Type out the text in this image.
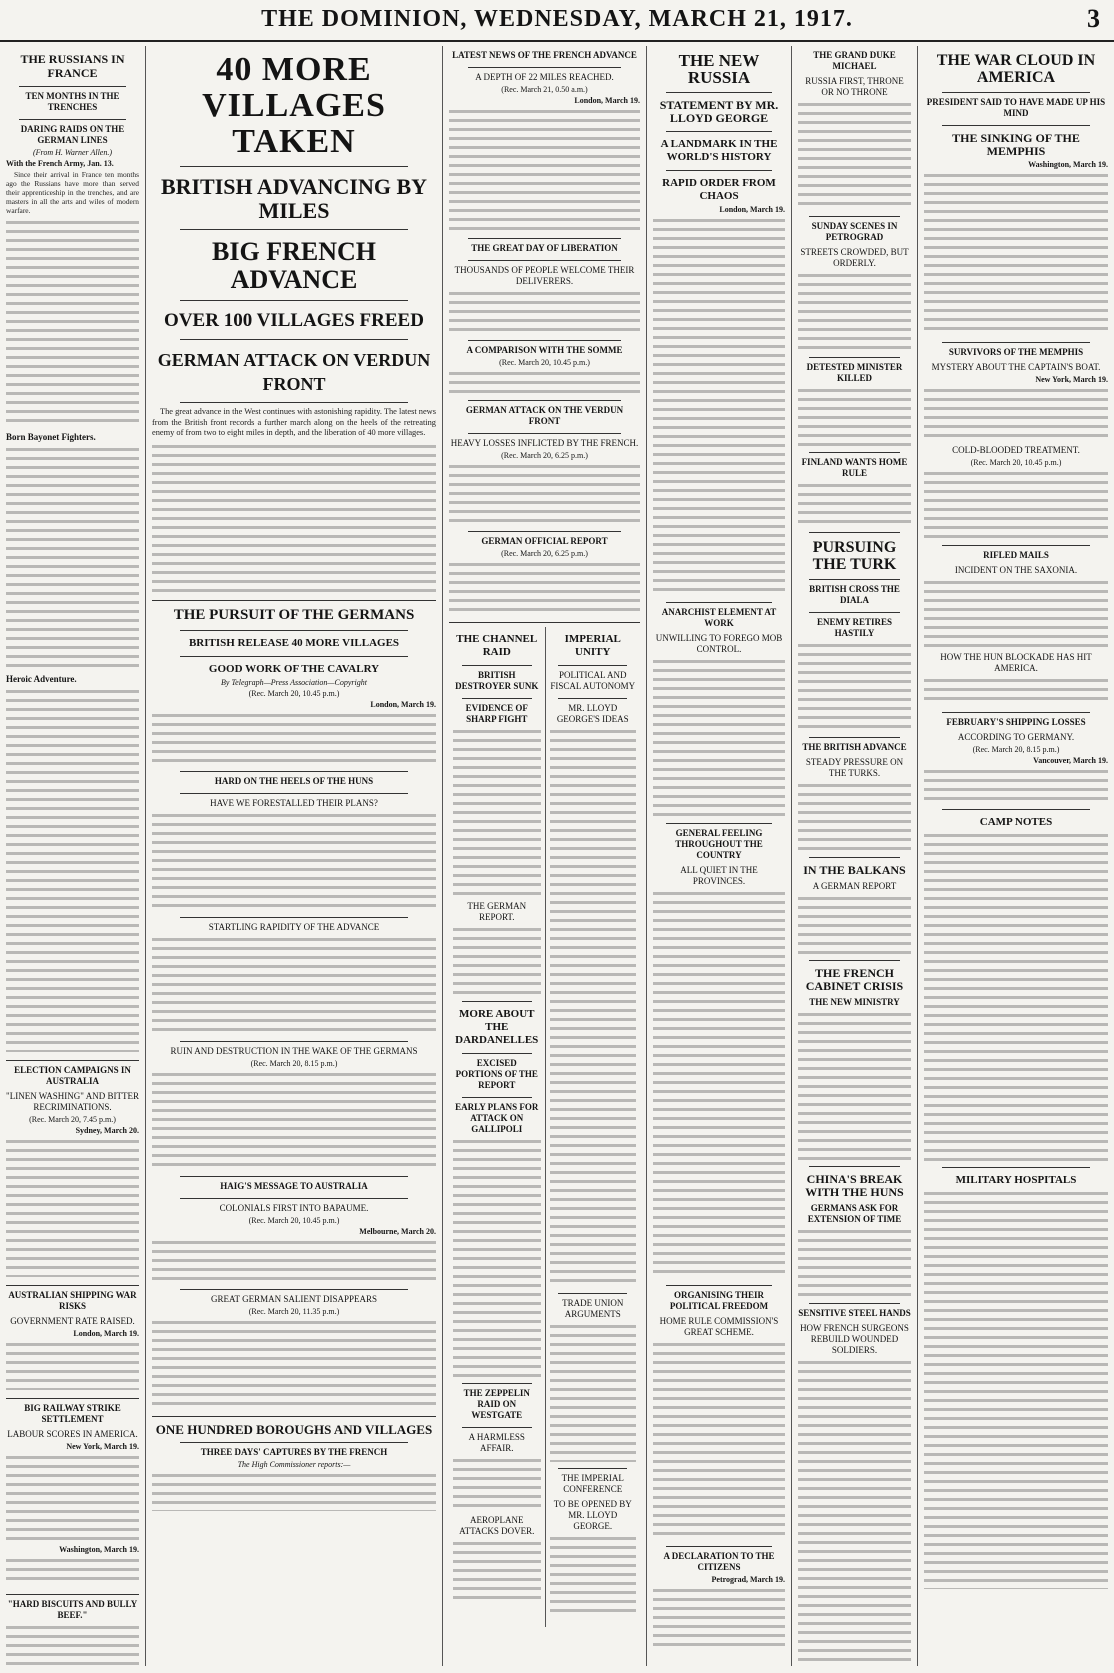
THE DOMINION, WEDNESDAY, MARCH 21, 1917.	3
THE RUSSIANS IN FRANCE
TEN MONTHS IN THE TRENCHES
DARING RAIDS ON THE GERMAN LINES
(From H. Warner Allen.)
With the French Army, Jan. 13.

Since their arrival in France ten months ago the Russians have more than served their apprenticeship in the trenches, and are masters in all the arts and wiles of modern warfare.

Born Bayonet Fighters.
Heroic Adventure.
ELECTION CAMPAIGNS IN AUSTRALIA
"LINEN WASHING" AND BITTER RECRIMINATIONS.
(Rec. March 20, 7.45 p.m.)
Sydney, March 20.
AUSTRALIAN SHIPPING WAR RISKS
GOVERNMENT RATE RAISED.
London, March 19.
BIG RAILWAY STRIKE SETTLEMENT
LABOUR SCORES IN AMERICA.
New York, March 19.
Washington, March 19.
"HARD BISCUITS AND BULLY BEEF."
40 MORE VILLAGES TAKEN
BRITISH ADVANCING BY MILES
BIG FRENCH ADVANCE
OVER 100 VILLAGES FREED
GERMAN ATTACK ON VERDUN FRONT

The great advance in the West continues with astonishing rapidity. The latest news from the British front records a further march along on the heels of the retreating enemy of from two to eight miles in depth, and the liberation of 40 more villages.

THE PURSUIT OF THE GERMANS
BRITISH RELEASE 40 MORE VILLAGES
GOOD WORK OF THE CAVALRY
By Telegraph—Press Association—Copyright
(Rec. March 20, 10.45 p.m.)
London, March 19.
HARD ON THE HEELS OF THE HUNS
HAVE WE FORESTALLED THEIR PLANS?
STARTLING RAPIDITY OF THE ADVANCE
RUIN AND DESTRUCTION IN THE WAKE OF THE GERMANS
(Rec. March 20, 8.15 p.m.)
HAIG'S MESSAGE TO AUSTRALIA
COLONIALS FIRST INTO BAPAUME.
(Rec. March 20, 10.45 p.m.)
Melbourne, March 20.
GREAT GERMAN SALIENT DISAPPEARS
(Rec. March 20, 11.35 p.m.)
ONE HUNDRED BOROUGHS AND VILLAGES
THREE DAYS' CAPTURES BY THE FRENCH
The High Commissioner reports:—
LATEST NEWS OF THE FRENCH ADVANCE
A DEPTH OF 22 MILES REACHED.
(Rec. March 21, 0.50 a.m.)
London, March 19.
THE GREAT DAY OF LIBERATION
THOUSANDS OF PEOPLE WELCOME THEIR DELIVERERS.
A COMPARISON WITH THE SOMME
(Rec. March 20, 10.45 p.m.)
GERMAN ATTACK ON THE VERDUN FRONT
HEAVY LOSSES INFLICTED BY THE FRENCH.
(Rec. March 20, 6.25 p.m.)
GERMAN OFFICIAL REPORT
(Rec. March 20, 6.25 p.m.)
THE CHANNEL RAID
BRITISH DESTROYER SUNK
EVIDENCE OF SHARP FIGHT
THE GERMAN REPORT.
MORE ABOUT THE DARDANELLES
EXCISED PORTIONS OF THE REPORT
EARLY PLANS FOR ATTACK ON GALLIPOLI
THE ZEPPELIN RAID ON WESTGATE
A HARMLESS AFFAIR.
AEROPLANE ATTACKS DOVER.
IMPERIAL UNITY
POLITICAL AND FISCAL AUTONOMY
MR. LLOYD GEORGE'S IDEAS
TRADE UNION ARGUMENTS
THE IMPERIAL CONFERENCE
TO BE OPENED BY MR. LLOYD GEORGE.
THE NEW RUSSIA
STATEMENT BY MR. LLOYD GEORGE
A LANDMARK IN THE WORLD'S HISTORY
RAPID ORDER FROM CHAOS
London, March 19.
ANARCHIST ELEMENT AT WORK
UNWILLING TO FOREGO MOB CONTROL.
GENERAL FEELING THROUGHOUT THE COUNTRY
ALL QUIET IN THE PROVINCES.
ORGANISING THEIR POLITICAL FREEDOM
HOME RULE COMMISSION'S GREAT SCHEME.
A DECLARATION TO THE CITIZENS
Petrograd, March 19.
THE GRAND DUKE MICHAEL
RUSSIA FIRST, THRONE OR NO THRONE
SUNDAY SCENES IN PETROGRAD
STREETS CROWDED, BUT ORDERLY.
DETESTED MINISTER KILLED
FINLAND WANTS HOME RULE
PURSUING THE TURK
BRITISH CROSS THE DIALA
ENEMY RETIRES HASTILY
THE BRITISH ADVANCE
STEADY PRESSURE ON THE TURKS.
IN THE BALKANS
A GERMAN REPORT
THE FRENCH CABINET CRISIS
THE NEW MINISTRY
CHINA'S BREAK WITH THE HUNS
GERMANS ASK FOR EXTENSION OF TIME
SENSITIVE STEEL HANDS
HOW FRENCH SURGEONS REBUILD WOUNDED SOLDIERS.
THE WAR CLOUD IN AMERICA
PRESIDENT SAID TO HAVE MADE UP HIS MIND
THE SINKING OF THE MEMPHIS
Washington, March 19.
SURVIVORS OF THE MEMPHIS
MYSTERY ABOUT THE CAPTAIN'S BOAT.
New York, March 19.
COLD-BLOODED TREATMENT.
(Rec. March 20, 10.45 p.m.)
RIFLED MAILS
INCIDENT ON THE SAXONIA.
HOW THE HUN BLOCKADE HAS HIT AMERICA.
FEBRUARY'S SHIPPING LOSSES
ACCORDING TO GERMANY.
(Rec. March 20, 8.15 p.m.)
Vancouver, March 19.
CAMP NOTES
MILITARY HOSPITALS
